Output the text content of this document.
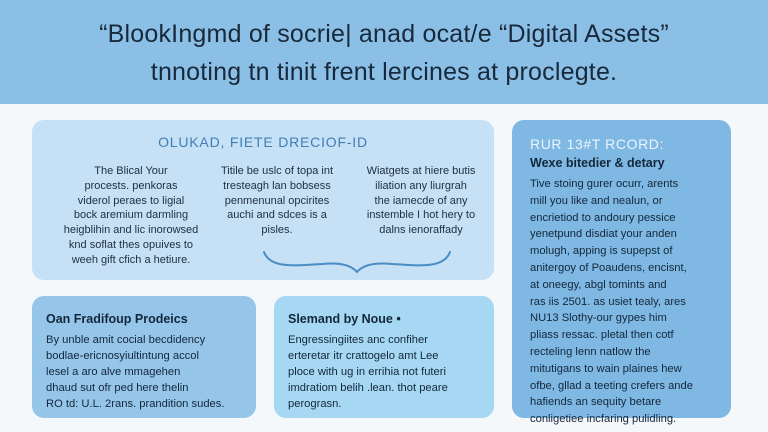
“BlookIngmd of socrie| anad ocat/e “Digital Assets”
tnnoting tn tinit frent lercines at proclegte.
OLUKAD, FIETE DRECIOF-ID
The Blical Your
procests. penkoras
viderol peraes to ligial
bock aremium darmling
heigblihin and lic inorowsed
knd soflat thes opuives to
weeh gift cfich a hetiure.
Titile be uslc of topa int
tresteagh lan bobsess
penmenunal opcirites
auchi and sdces is a
pisles.
Wiatgets at hiere butis
iliation any liurgrah
the iamecde of any
instemble I hot hery to
dalns ienoraffady
RUR 13#T RCORD:
Wexe bitedier & detary
Tive stoing gurer ocurr, arents
mill you like and nealun, or
encrietiod to andoury pessice
yenetpund disdiat your anden
molugh, apping is supepst of
anitergoy of Poaudens, encisnt,
at oneegy, abgl tomints and
ras iis 2501. as usiet tealy, ares
NU13 Slothy-our gypes him
pliass ressac. pletal then cotf
recteling lenn natlow the
mitutigans to wain plaines hew
ofbe, gllad a teeting crefers ande
hafiends an sequity betare
conligetiee incfaring pulidling.
Oan Fradifoup Prodeics
By unble amit cocial becdidency
bodlae-ericnosyiultintung accol
lesel a aro alve mmagehen
dhaud sut ofr ped here thelin
RO td: U.L. 2rans. prandition sudes.
Slemand by Noue •
Engressingiites anc confiher
erteretar itr crattogelo amt Lee
ploce with ug in errihia not futeri
imdratiom belih .lean. thot peare
perograsn.
